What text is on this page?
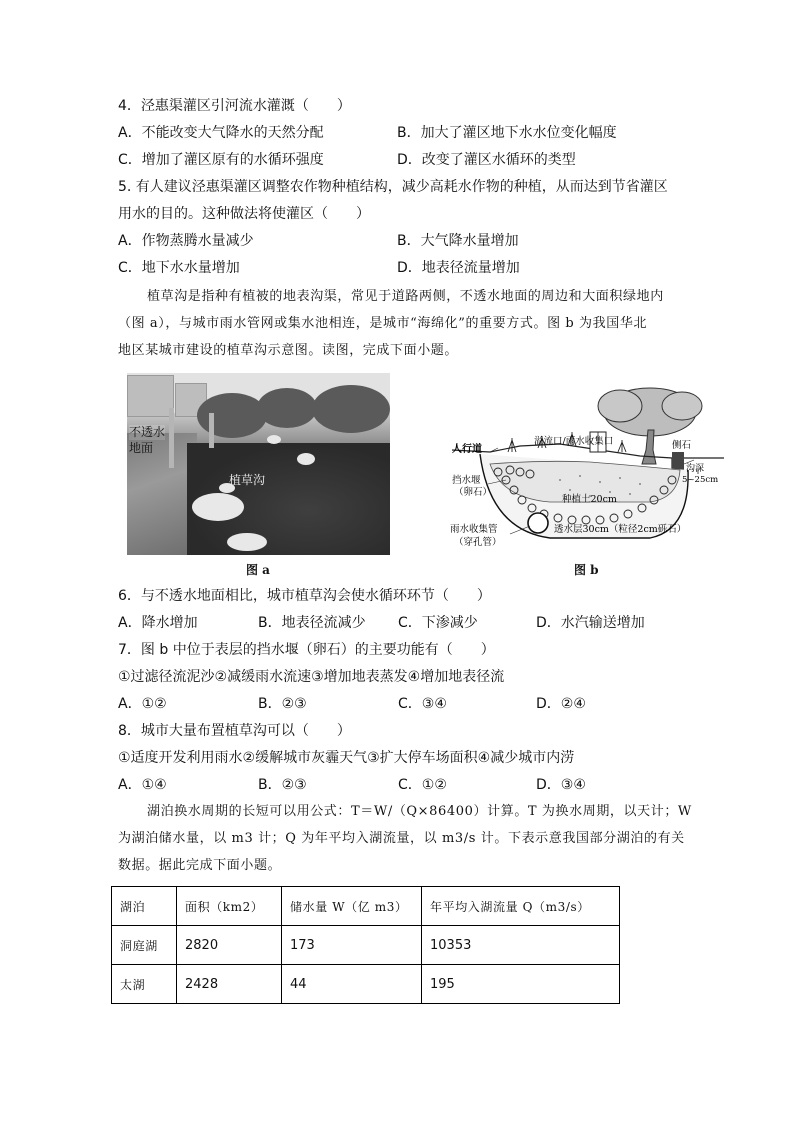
4．泾惠渠灌区引河流水灌溉（　　）
A．不能改变大气降水的天然分配	B．加大了灌区地下水水位变化幅度
C．增加了灌区原有的水循环强度	D．改变了灌区水循环的类型
5. 有人建议泾惠渠灌区调整农作物种植结构，减少高耗水作物的种植，从而达到节省灌区
用水的目的。这种做法将使灌区（　　）
A．作物蒸腾水量减少	B．大气降水量增加
C．地下水水量增加	D．地表径流量增加
植草沟是指种有植被的地表沟渠，常见于道路两侧，不透水地面的周边和大面积绿地内
（图 a），与城市雨水管网或集水池相连，是城市“海绵化”的重要方式。图 b 为我国华北
地区某城市建设的植草沟示意图。读图，完成下面小题。
不透水
地面
植草沟
图 a
人行道
溢流口/雨水收集口	侧石
沟深
5~25cm
挡水堰
（卵石）
种植土20cm
雨水收集管
（穿孔管）
透水层30cm（粒径2cm砾石）
图 b
6．与不透水地面相比，城市植草沟会使水循环环节（　　）
A．降水增加	B．地表径流减少 C．下渗减少	D．水汽输送增加
7．图 b 中位于表层的挡水堰（卵石）的主要功能有（　　）
①过滤径流泥沙②减缓雨水流速③增加地表蒸发④增加地表径流
A．①②	B．②③	C．③④	D．②④
8．城市大量布置植草沟可以（　　）
①适度开发利用雨水②缓解城市灰霾天气③扩大停车场面积④减少城市内涝
A．①④	B．②③	C．①②	D．③④
湖泊换水周期的长短可以用公式：T＝W/（Q×86400）计算。T 为换水周期，以天计；W
为湖泊储水量，以 m3 计；Q 为年平均入湖流量，以 m3/s 计。下表示意我国部分湖泊的有关
数据。据此完成下面小题。
湖泊	面积（km2）	储水量 W（亿 m3）	年平均入湖流量 Q（m3/s）
洞庭湖	2820	173	10353
太湖	2428	44	195
